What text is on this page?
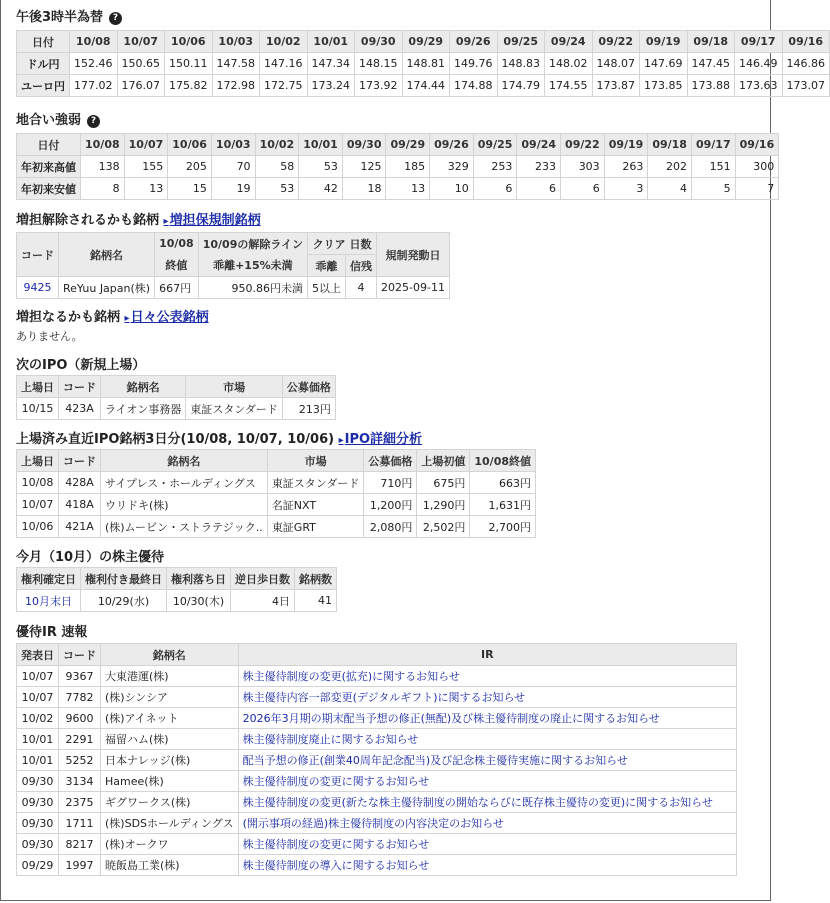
午後3時半為替 ?
日付	10/08	10/07	10/06	10/03	10/02	10/01	09/30	09/29	09/26	09/25	09/24	09/22	09/19	09/18	09/17	09/16
ドル円	152.46	150.65	150.11	147.58	147.16	147.34	148.15	148.81	149.76	148.83	148.02	148.07	147.69	147.45	146.49	146.86
ユーロ円	177.02	176.07	175.82	172.98	172.75	173.24	173.92	174.44	174.88	174.79	174.55	173.87	173.85	173.88	173.63	173.07
地合い強弱 ?
日付	10/08	10/07	10/06	10/03	10/02	10/01	09/30	09/29	09/26	09/25	09/24	09/22	09/19	09/18	09/17	09/16
年初来高値	138	155	205	70	58	53	125	185	329	253	233	303	263	202	151	300
年初来安値	8	13	15	19	53	42	18	13	10	6	6	6	3	4	5	7
増担解除されるかも銘柄 ▸ 増担保規制銘柄
コード	銘柄名	10/08	10/09の解除ライン	クリア 日数		規制発動日
		終値	乖離+15%未満	乖離	信残	
9425	ReYuu Japan(株)	667円	950.86円未満	5以上	4	2025-09-11
増担なるかも銘柄 ▸ 日々公表銘柄
ありません。
次のIPO（新規上場）
上場日	コード	銘柄名	市場	公募価格
10/15	423A	ライオン事務器	東証スタンダード	213円
上場済み直近IPO銘柄3日分(10/08, 10/07, 10/06) ▸ IPO詳細分析
上場日	コード	銘柄名	市場	公募価格	上場初値	10/08終値
10/08	428A	サイプレス・ホールディングス	東証スタンダード	710円	675円	663円
10/07	418A	ウリドキ(株)	名証NXT	1,200円	1,290円	1,631円
10/06	421A	(株)ムービン・ストラテジック..	東証GRT	2,080円	2,502円	2,700円
今月（10月）の株主優待
権利確定日	権利付き最終日	権利落ち日	逆日歩日数	銘柄数
10月末日	10/29(水)	10/30(木)	4日	41
優待IR 速報
発表日	コード	銘柄名	IR
10/07	9367	大東港運(株)	株主優待制度の変更(拡充)に関するお知らせ
10/07	7782	(株)シンシア	株主優待内容一部変更(デジタルギフト)に関するお知らせ
10/02	9600	(株)アイネット	2026年3月期の期末配当予想の修正(無配)及び株主優待制度の廃止に関するお知らせ
10/01	2291	福留ハム(株)	株主優待制度廃止に関するお知らせ
10/01	5252	日本ナレッジ(株)	配当予想の修正(創業40周年記念配当)及び記念株主優待実施に関するお知らせ
09/30	3134	Hamee(株)	株主優待制度の変更に関するお知らせ
09/30	2375	ギグワークス(株)	株主優待制度の変更(新たな株主優待制度の開始ならびに既存株主優待の変更)に関するお知らせ
09/30	1711	(株)SDSホールディングス	(開示事項の経過)株主優待制度の内容決定のお知らせ
09/30	8217	(株)オークワ	株主優待制度の変更に関するお知らせ
09/29	1997	暁飯島工業(株)	株主優待制度の導入に関するお知らせ
